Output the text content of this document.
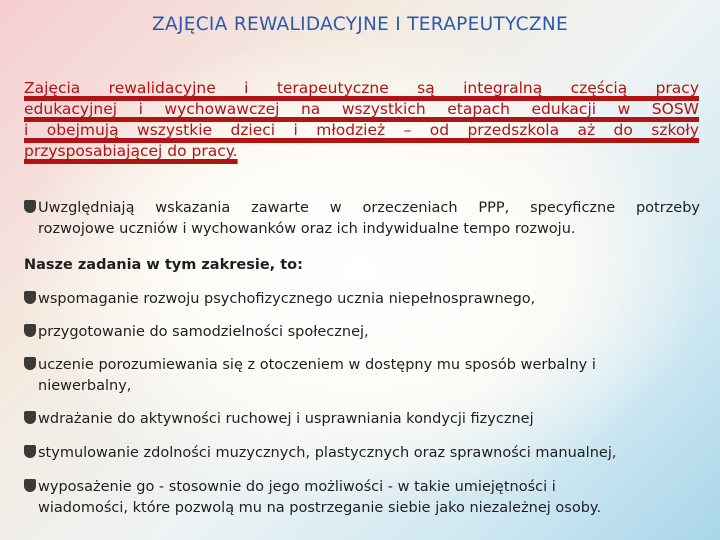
ZAJĘCIA REWALIDACYJNE I TERAPEUTYCZNE
Zajęcia rewalidacyjne i terapeutyczne są integralną częścią pracy
edukacyjnej i wychowawczej na wszystkich etapach edukacji w SOSW
i obejmują wszystkie dzieci i młodzież – od przedszkola aż do szkoły
przysposabiającej do pracy.
Uwzględniają wskazania zawarte w orzeczeniach PPP, specyficzne potrzeby
rozwojowe uczniów i wychowanków oraz ich indywidualne tempo rozwoju.
Nasze zadania w tym zakresie, to:
wspomaganie rozwoju psychofizycznego ucznia niepełnosprawnego,
przygotowanie do samodzielności społecznej,
uczenie porozumiewania się z otoczeniem w dostępny mu sposób werbalny i
niewerbalny,
wdrażanie do aktywności ruchowej i usprawniania kondycji fizycznej
stymulowanie zdolności muzycznych, plastycznych oraz sprawności manualnej,
wyposażenie go - stosownie do jego możliwości - w takie umiejętności i
wiadomości, które pozwolą mu na postrzeganie siebie jako niezależnej osoby.
